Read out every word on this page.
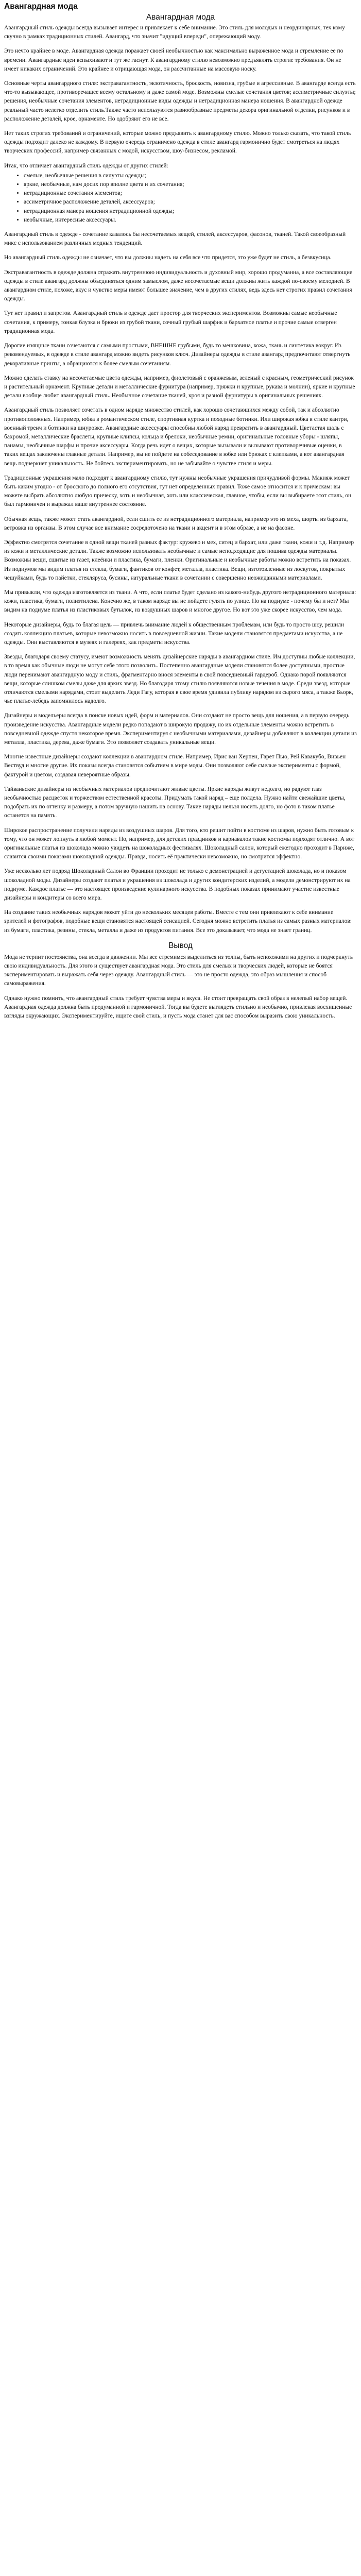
Авангардная мода
Авангардная мода

Авангардный стиль одежды всегда вызывает интерес и привлекает к себе внимание. Это стиль для молодых и неординарных, тех кому скучно в рамках традиционных стилей. Авангард, что значит "идущий впереди", опережающий моду.

Это нечто крайнее в моде. Авангардная одежда поражает своей необычностью как максимально выраженное мода и стремление ее по времени. Авангардные идеи вспыхивают и тут же гаснут. К авангардному стилю невозможно предъявлять строгие требования. Он не имеет никаких ограничений. Это крайнее и отрицающая мода, он рассчитанные на массовую носку.

Основные черты авангардного стиля: экстравагантность, экзотичность, броскость, новизна, грубые и агрессивные. В авангарде всегда есть что-то вызывающее, противоречащее всему остальному и даже самой моде. Возможны смелые сочетания цветов; ассиметричные силуэты; решения, необычные сочетания элементов, нетрадиционные виды одежды и нетрадиционная манера ношения. В авангардной одежде реальный часто нелегко отделить стиль.Также часто используются разнообразные предметы декора оригинальной отделки, рисунков и в расположение деталей, крое, орнаменте. Но одобряют его не все.

Нет таких строгих требований и ограничений, которые можно предъявить к авангардному стилю. Можно только сказать, что такой стиль одежды подходит далеко не каждому. В первую очередь ограничено одежда в стиле авангард гармонично будет смотреться на людях творческих профессий, например связанных с модой, искусством, шоу-бизнесом, рекламой.

Итак, что отличает авангардный стиль одежды от других стилей:

• смелые, необычные решения в силуэты одежды;
• яркие, необычные, нам досих пор вполне цвета и их сочетания;
• нетрадиционные сочетания элементов;
• ассиметричное расположение деталей, аксессуаров;
• нетрадиционная манера ношения нетрадиционной одежды;
• необычные, интересные аксессуары.

Авангардный стиль в одежде - сочетание казалось бы несочетаемых вещей, стилей, аксессуаров, фасонов, тканей. Такой своеобразный микс с использованием различных модных тенденций.

Но авангардный стиль одежды не означает, что вы должны надеть на себя все что придется, это уже будет не стиль, а безвкусица.

Экстравагантность в одежде должна отражать внутреннюю индивидуальность и духовный мир, хорошо продуманна, а все составляющие одежды в стиле авангард должны объединяться одним замыслом, даже несочетаемые вещи должны жить каждой по-своему мелодией. В авангардном стиле, похоже, вкус и чувство меры имеют большее значение, чем в других стилях, ведь здесь нет строгих правил сочетания одежды.

Тут нет правил и запретов. Авангардный стиль в одежде дает простор для творческих экспериментов. Возможны самые необычные сочетания, к примеру, тонкая блузка и брюки из грубой ткани, сочный грубый шарфик и бархатное платье и прочие самые отверген традиционная мода.

Дорогие изящные ткани сочетаются с самыми простыми, ВНЕШНЕ грубыми, будь то мешковина, кожа, ткань и синтетика вокруг. Из рекомендуемых, в одежде в стиле авангард можно видеть рисунков ключ. Дизайнеры одежды в стиле авангард предпочитают отвергнуть декоративные принты, а обращаются к более смелым сочетаниям.

Можно сделать ставку на несочетаемые цвета одежды, например, фиолетовый с оранжевым, зеленый с красным, геометрический рисунок и растительный орнамент. Крупные детали и металлические фурнитура (например, пряжки и крупные, рукава и молнии), яркие и крупные детали вообще любит авангардный стиль. Необычное сочетание тканей, кроя и разной фурнитуры в оригинальных решениях.

Авангардный стиль позволяет сочетать в одном наряде множество стилей, как хорошо сочетающихся между собой, так и абсолютно противоположных. Например, юбка в романтическом стиле, спортивная куртка и походные ботинки. Или широкая юбка в стиле кантри, военный тренч и ботинки на шнуровке. Авангардные аксессуары способны любой наряд превратить в авангардный. Цветастая шаль с бахромой, металлические браслеты, крупные клипсы, кольца и брелоки, необычные ремни, оригинальные головные уборы - шляпы, панамы, необычные шарфы и прочие аксессуары. Когда речь идет о вещах, которые вызывали и вызывают противоречивые оценки, в таких вещах заключены главные детали. Например, вы не пойдете на собеседование в юбке или брюках с клепками, а вот авангардная вещь подчеркнет уникальность. Не бойтесь экспериментировать, но не забывайте о чувстве стиля и меры.

Традиционные украшения мало подходят к авангардному стилю, тут нужны необычные украшения причудливой формы. Макияж может быть каким угодно - от бросского до полного его отсутствия, тут нет определенных правил. Тоже самое относится и к прическам: вы можете выбрать абсолютно любую прическу, хоть и необычная, хоть или классическая, главное, чтобы, если вы выбираете этот стиль, он был гармоничен и выражал ваше внутреннее состояние.

Обычная вещь, также может стать авангардной, если сшить ее из нетрадиционного материала, например это из меха, шорты из бархата, ветровка из органзы. В этом случае все внимание сосредоточено на ткани и акцент и в этом образе, а не на фасоне.

Эффектно смотрятся сочетание в одной вещи тканей разных фактур: кружево и мех, ситец и бархат, или даже ткани, кожи и т.д. Например из кожи и металлические детали. Также возможно использовать необычные и самые неподходящие для пошива одежды материалы. Возможны вещи, сшитые из газет, клеёнки и пластика, бумаги, пленки. Оригинальные и необычные работы можно встретить на показах. Из подиумов мы видим платья из стекла, бумаги, фантиков от конфет, металла, пластика. Вещи, изготовленные из лоскутов, покрытых чешуйками, будь то пайетки, стекляруса, бусины, натуральные ткани в сочетании с совершенно неожиданными материалами.

Мы привыкли, что одежда изготовляется из ткани. А что, если платье будет сделано из какого-нибудь другого нетрадиционного материала: кожи, пластика, бумаги, полиэтилена. Конечно же, в таком наряде вы не пойдете гулять по улице. Но на подиуме - почему бы и нет? Мы видим на подиуме платья из пластиковых бутылок, из воздушных шаров и многое другое. Но вот это уже скорее искусство, чем мода.

Некоторые дизайнеры, будь то благая цель — привлечь внимание людей к общественным проблемам, или будь то просто шоу, решили создать коллекцию платьев, которые невозможно носить в повседневной жизни. Такие модели становятся предметами искусства, а не одежды. Они выставляются в музеях и галереях, как предметы искусства.

Звезды, благодаря своему статусу, имеют возможность менять дизайнерские наряды в авангардном стиле. Им доступны любые коллекции, в то время как обычные люди не могут себе этого позволить. Постепенно авангардные модели становятся более доступными, простые люди перенимают авангардную моду и стиль, фрагментарно внося элементы в свой повседневный гардероб. Однако порой появляются вещи, которые слишком смелы даже для ярких звезд. Но благодаря этому стилю появляются новые течения в моде. Среди звезд, которые отличаются смелыми нарядами, стоит выделить Леди Гагу, которая в свое время удивила публику нарядом из сырого мяса, а также Бьорк, чье платье-лебедь запомнилось надолго.

Дизайнеры и модельеры всегда в поиске новых идей, форм и материалов. Они создают не просто вещь для ношения, а в первую очередь произведение искусства. Авангардные модели редко попадают в широкую продажу, но их отдельные элементы можно встретить в повседневной одежде спустя некоторое время. Экспериментируя с необычными материалами, дизайнеры добавляют в коллекции детали из металла, пластика, дерева, даже бумаги. Это позволяет создавать уникальные вещи.

Многие известные дизайнеры создают коллекции в авангардном стиле. Например, Ирис ван Херпен, Гарет Пью, Рей Кавакубо, Вивьен Вествуд и многие другие. Их показы всегда становятся событием в мире моды. Они позволяют себе смелые эксперименты с формой, фактурой и цветом, создавая невероятные образы.

Тайваньские дизайнеры из необычных материалов предпочитают живые цветы. Яркие наряды живут недолго, но радуют глаз необычностью расцветок и торжеством естественной красоты. Придумать такой наряд – еще полдела. Нужно найти свежайшие цветы, подобрать их по оттенку и размеру, а потом вручную нашить на основу. Такие наряды нельзя носить долго, но фото в таком платье останется на память.

Широкое распространение получили наряды из воздушных шаров. Для того, кто решит пойти в костюме из шаров, нужно быть готовым к тому, что он может лопнуть в любой момент. Но, например, для детских праздников и карнавалов такие костюмы подходят отлично. А вот оригинальные платья из шоколада можно увидеть на шоколадных фестивалях. Шоколадный салон, который ежегодно проходит в Париже, славится своими показами шоколадной одежды. Правда, носить её практически невозможно, но смотрится эффектно.

Уже несколько лет подряд Шоколадный Салон во Франции проходит не только с демонстрацией и дегустацией шоколада, но и показом шоколадной моды. Дизайнеры создают платья и украшения из шоколада и других кондитерских изделий, а модели демонстрируют их на подиуме. Каждое платье — это настоящее произведение кулинарного искусства. В подобных показах принимают участие известные дизайнеры и кондитеры со всего мира.

На создание таких необычных нарядов может уйти до нескольких месяцев работы. Вместе с тем они привлекают к себе внимание зрителей и фотографов, подобные вещи становятся настоящей сенсацией. Сегодня можно встретить платья из самых разных материалов: из бумаги, пластика, резины, стекла, металла и даже из продуктов питания. Все это доказывает, что мода не знает границ.

Вывод

Мода не терпит постоянства, она всегда в движении. Мы все стремимся выделиться из толпы, быть непохожими на других и подчеркнуть свою индивидуальность. Для этого и существует авангардная мода. Это стиль для смелых и творческих людей, которые не боятся экспериментировать и выражать себя через одежду. Авангардный стиль — это не просто одежда, это образ мышления и способ самовыражения.

Однако нужно помнить, что авангардный стиль требует чувства меры и вкуса. Не стоит превращать свой образ в нелепый набор вещей. Авангардная одежда должна быть продуманной и гармоничной. Тогда вы будете выглядеть стильно и необычно, привлекая восхищенные взгляды окружающих. Экспериментируйте, ищите свой стиль, и пусть мода станет для вас способом выразить свою уникальность.
